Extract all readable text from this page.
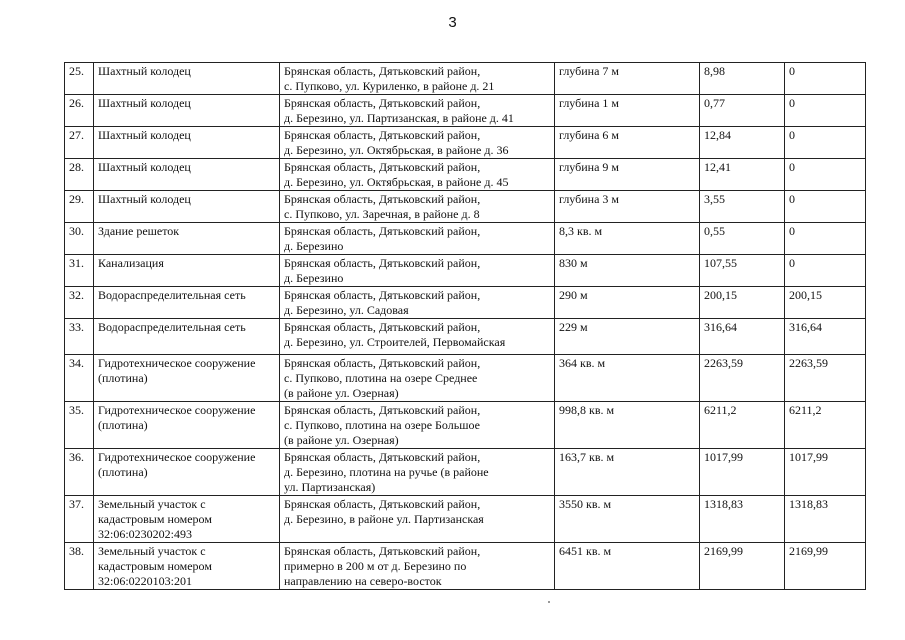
3
25.	Шахтный колодец	Брянская область, Дятьковский район,
с. Пупково, ул. Куриленко, в районе д. 21	глубина 7 м	8,98	0
26.	Шахтный колодец	Брянская область, Дятьковский район,
д. Березино, ул. Партизанская, в районе д. 41	глубина 1 м	0,77	0
27.	Шахтный колодец	Брянская область, Дятьковский район,
д. Березино, ул. Октябрьская, в районе д. 36	глубина 6 м	12,84	0
28.	Шахтный колодец	Брянская область, Дятьковский район,
д. Березино, ул. Октябрьская, в районе д. 45	глубина 9 м	12,41	0
29.	Шахтный колодец	Брянская область, Дятьковский район,
с. Пупково, ул. Заречная, в районе д. 8	глубина 3 м	3,55	0
30.	Здание решеток	Брянская область, Дятьковский район,
д. Березино	8,3 кв. м	0,55	0
31.	Канализация	Брянская область, Дятьковский район,
д. Березино	830 м	107,55	0
32.	Водораспределительная сеть	Брянская область, Дятьковский район,
д. Березино, ул. Садовая	290 м	200,15	200,15
33.	Водораспределительная сеть	Брянская область, Дятьковский район,
д. Березино, ул. Строителей, Первомайская	229 м	316,64	316,64
34.	Гидротехническое сооружение
(плотина)	Брянская область, Дятьковский район,
с. Пупково, плотина на озере Среднее
(в районе ул. Озерная)	364 кв. м	2263,59	2263,59
35.	Гидротехническое сооружение
(плотина)	Брянская область, Дятьковский район,
с. Пупково, плотина на озере Большое
(в районе ул. Озерная)	998,8 кв. м	6211,2	6211,2
36.	Гидротехническое сооружение
(плотина)	Брянская область, Дятьковский район,
д. Березино, плотина на ручье (в районе
ул. Партизанская)	163,7 кв. м	1017,99	1017,99
37.	Земельный участок с
кадастровым номером
32:06:0230202:493	Брянская область, Дятьковский район,
д. Березино, в районе ул. Партизанская	3550 кв. м	1318,83	1318,83
38.	Земельный участок с
кадастровым номером
32:06:0220103:201	Брянская область, Дятьковский район,
примерно в 200 м от д. Березино по
направлению на северо-восток	6451 кв. м	2169,99	2169,99
